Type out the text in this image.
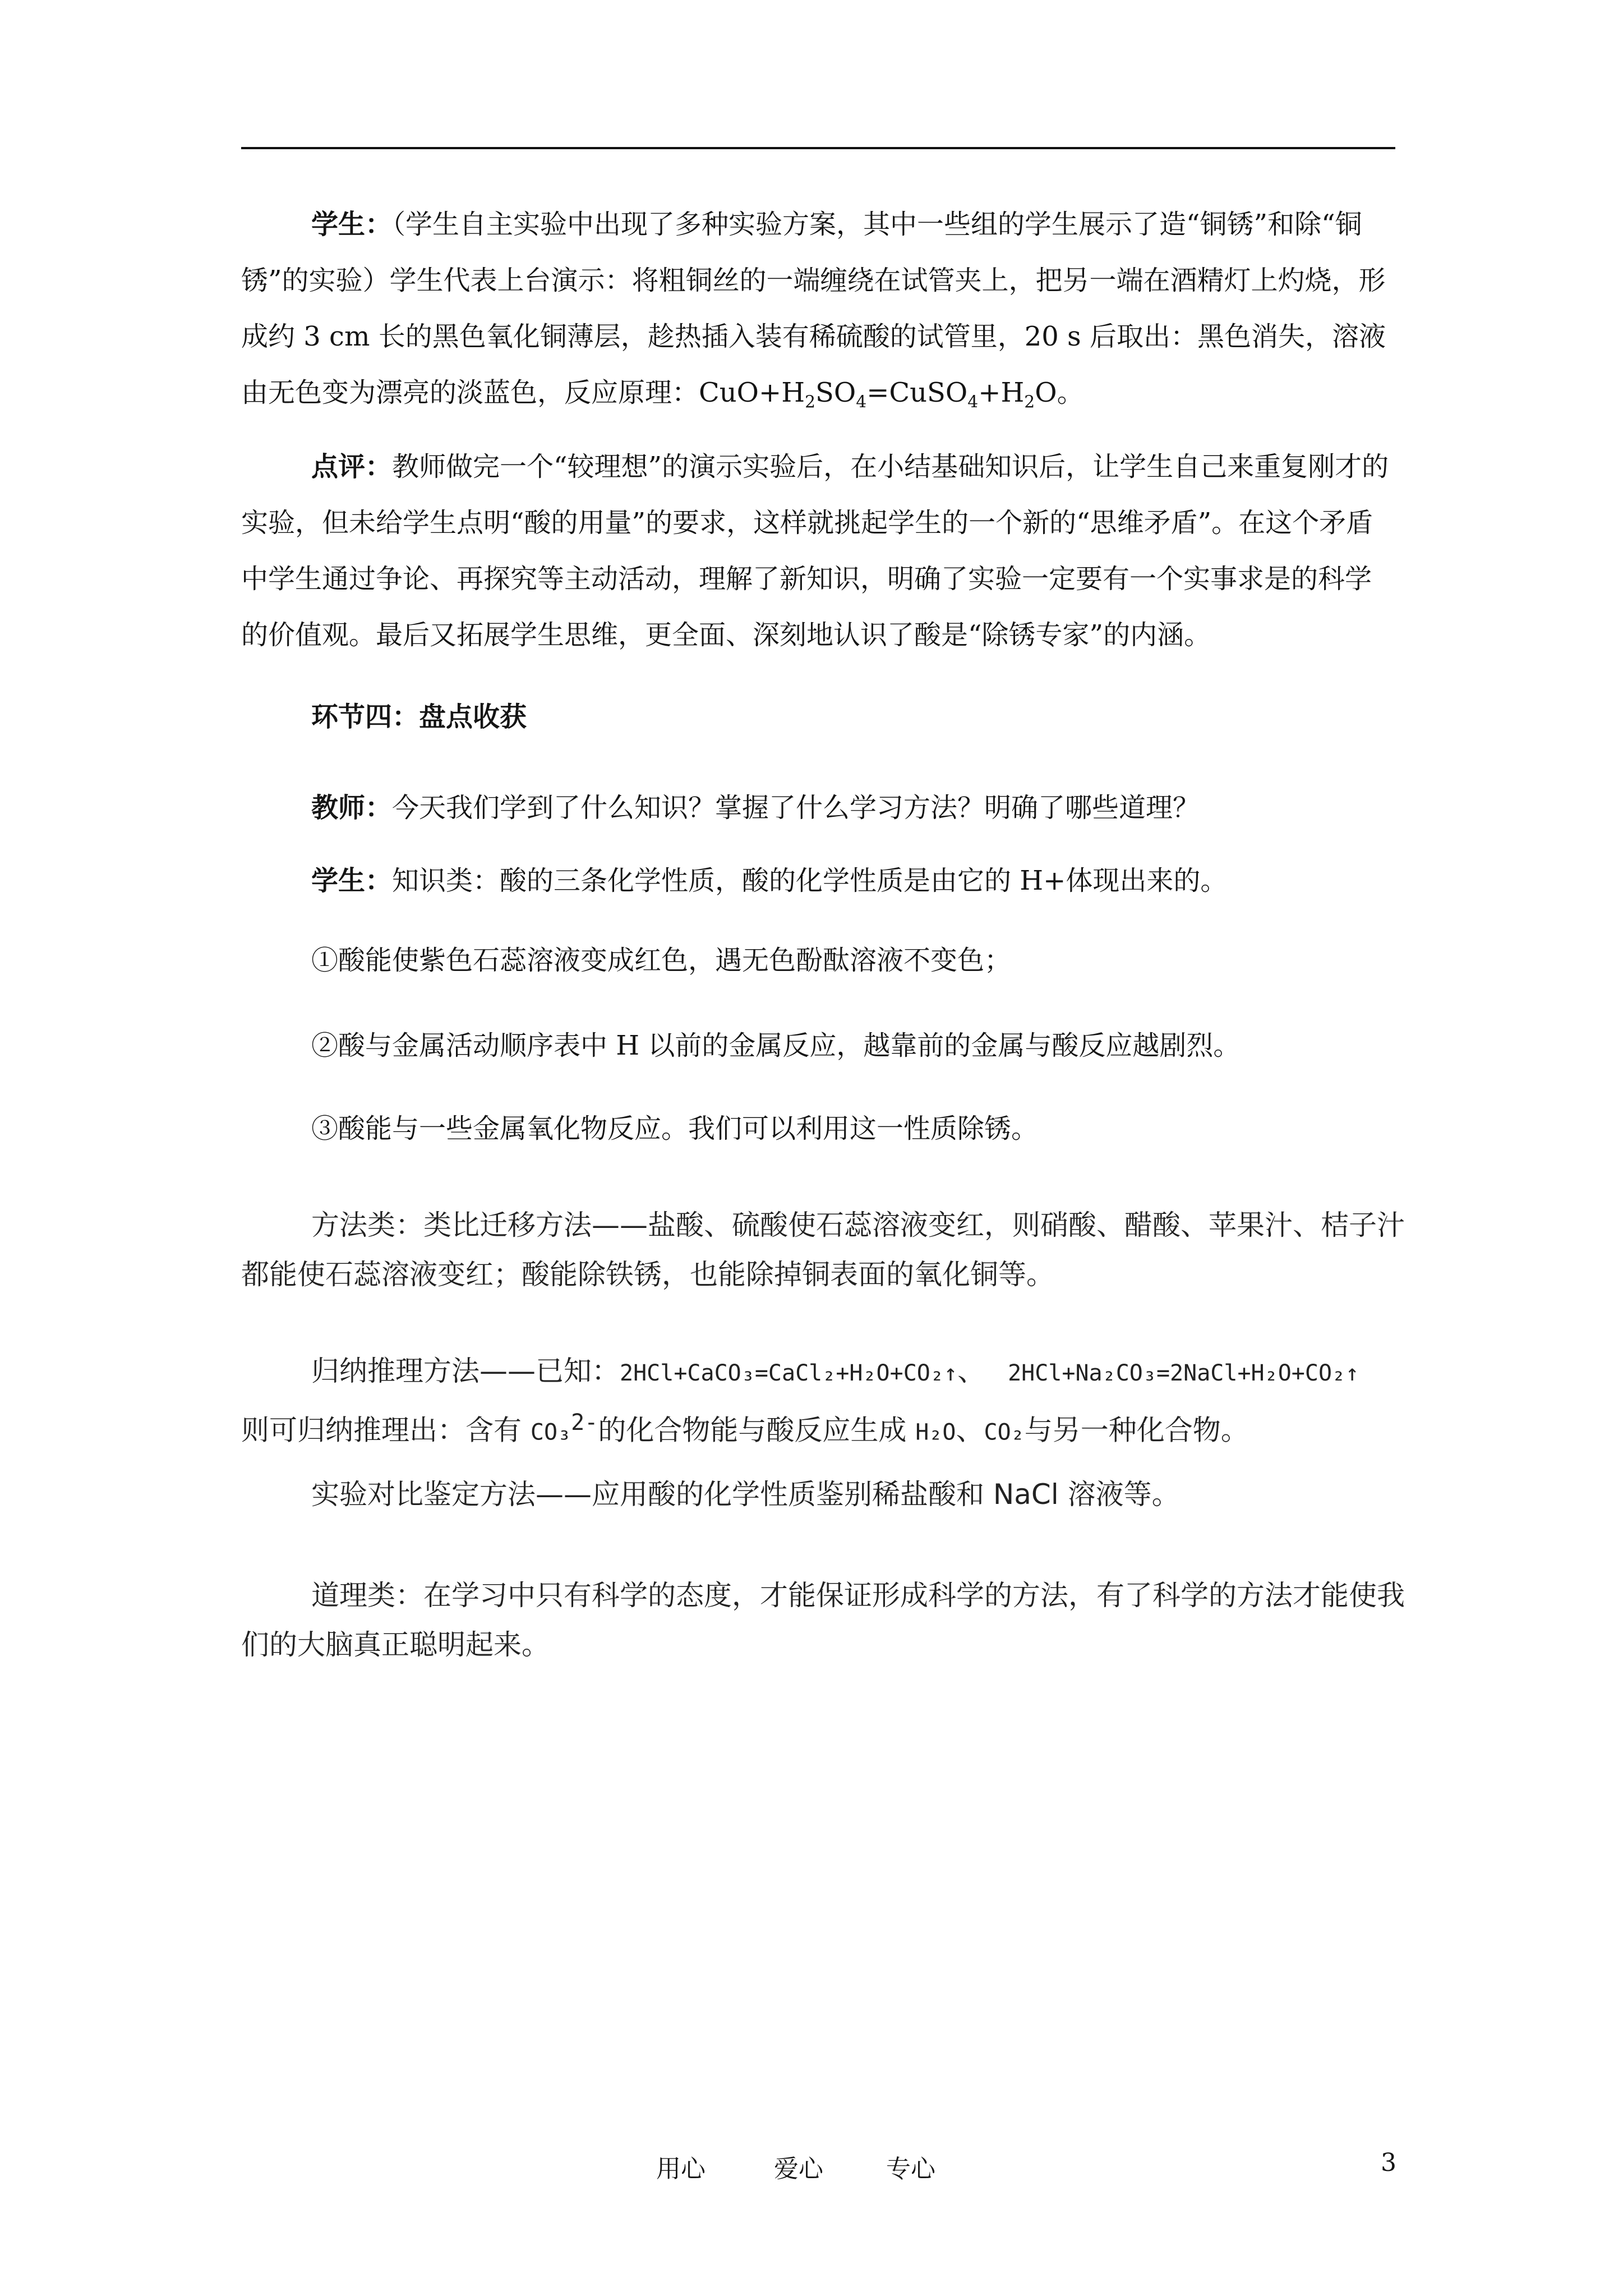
学生：（学生自主实验中出现了多种实验方案，其中一些组的学生展示了造“铜锈”和除“铜锈”的实验）学生代表上台演示：将粗铜丝的一端缠绕在试管夹上，把另一端在酒精灯上灼烧，形成约 3 cm 长的黑色氧化铜薄层，趁热插入装有稀硫酸的试管里，20 s 后取出：黑色消失，溶液由无色变为漂亮的淡蓝色，反应原理：$CuO+H_2SO_4=CuSO_4+H_2O$。

点评：教师做完一个“较理想”的演示实验后，在小结基础知识后，让学生自己来重复刚才的实验，但未给学生点明“酸的用量”的要求，这样就挑起学生的一个新的“思维矛盾”。在这个矛盾中学生通过争论、再探究等主动活动，理解了新知识，明确了实验一定要有一个实事求是的科学的价值观。最后又拓展学生思维，更全面、深刻地认识了酸是“除锈专家”的内涵。

环节四：盘点收获
教师：今天我们学到了什么知识？掌握了什么学习方法？明确了哪些道理？
学生：知识类：酸的三条化学性质，酸的化学性质是由它的 H+体现出来的。
①酸能使紫色石蕊溶液变成红色，遇无色酚酞溶液不变色；
②酸与金属活动顺序表中 H 以前的金属反应，越靠前的金属与酸反应越剧烈。
③酸能与一些金属氧化物反应。我们可以利用这一性质除锈。

方法类：类比迁移方法——盐酸、硫酸使石蕊溶液变红，则硝酸、醋酸、苹果汁、桔子汁都能使石蕊溶液变红；酸能除铁锈，也能除掉铜表面的氧化铜等。

归纳推理方法——已知：2HCl+CaCO₃=CaCl₂+H₂O+CO₂↑、 2HCl+Na₂CO₃=2NaCl+H₂O+CO₂↑
则可归纳推理出：含有 CO₃$^{2-}$的化合物能与酸反应生成 H₂O、CO₂与另一种化合物。

实验对比鉴定方法——应用酸的化学性质鉴别稀盐酸和 NaCl 溶液等。

道理类：在学习中只有科学的态度，才能保证形成科学的方法，有了科学的方法才能使我们的大脑真正聪明起来。

用心	爱心	专心	3
